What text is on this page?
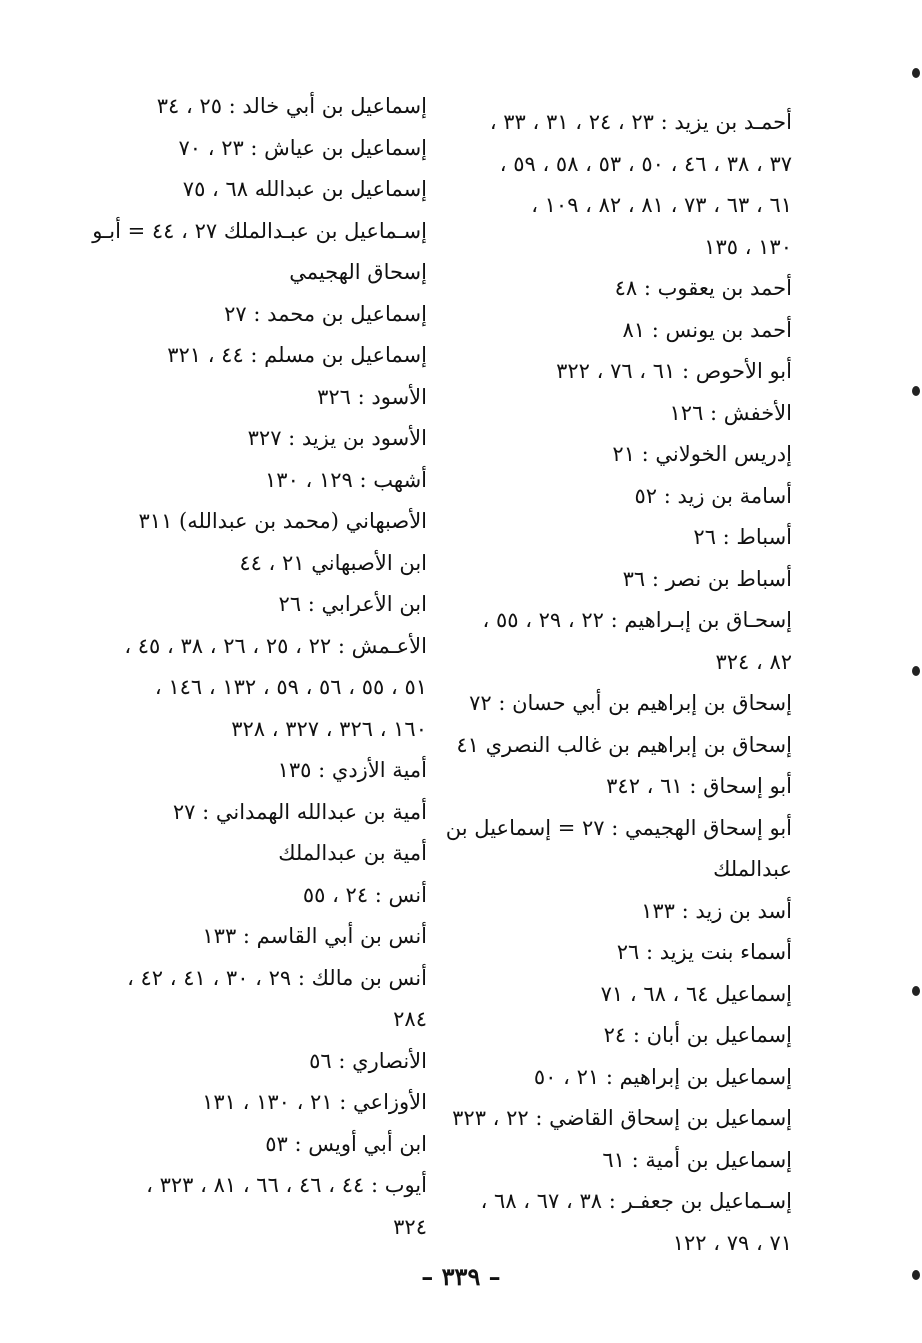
أحمـد بن يزيد : ٢٣ ، ٢٤ ، ٣١ ، ٣٣ ،
٣٧ ، ٣٨ ، ٤٦ ، ٥٠ ، ٥٣ ، ٥٨ ، ٥٩ ،
٦١ ، ٦٣ ، ٧٣ ، ٨١ ، ٨٢ ، ١٠٩ ،
١٣٠ ، ١٣٥
أحمد بن يعقوب : ٤٨
أحمد بن يونس : ٨١
أبو الأحوص : ٦١ ، ٧٦ ، ٣٢٢
الأخفش : ١٢٦
إدريس الخولاني : ٢١
أسامة بن زيد : ٥٢
أسباط : ٢٦
أسباط بن نصر : ٣٦
إسحـاق بن إبـراهيم : ٢٢ ، ٢٩ ، ٥٥ ،
٨٢ ، ٣٢٤
إسحاق بن إبراهيم بن أبي حسان : ٧٢
إسحاق بن إبراهيم بن غالب النصري ٤١
أبو إسحاق : ٦١ ، ٣٤٢
أبو إسحاق الهجيمي : ٢٧ = إسماعيل بن
عبدالملك
أسد بن زيد : ١٣٣
أسماء بنت يزيد : ٢٦
إسماعيل ٦٤ ، ٦٨ ، ٧١
إسماعيل بن أبان : ٢٤
إسماعيل بن إبراهيم : ٢١ ، ٥٠
إسماعيل بن إسحاق القاضي : ٢٢ ، ٣٢٣
إسماعيل بن أمية : ٦١
إسـماعيل بن جعفـر : ٣٨ ، ٦٧ ، ٦٨ ،
٧١ ، ٧٩ ، ١٢٢
إسماعيل بن أبي خالد : ٢٥ ، ٣٤
إسماعيل بن عياش : ٢٣ ، ٧٠
إسماعيل بن عبدالله ٦٨ ، ٧٥
إسـماعيل بن عبـدالملك ٢٧ ، ٤٤ = أبـو
إسحاق الهجيمي
إسماعيل بن محمد : ٢٧
إسماعيل بن مسلم : ٤٤ ، ٣٢١
الأسود : ٣٢٦
الأسود بن يزيد : ٣٢٧
أشهب : ١٢٩ ، ١٣٠
الأصبهاني (محمد بن عبدالله) ٣١١
ابن الأصبهاني ٢١ ، ٤٤
ابن الأعرابي : ٢٦
الأعـمش : ٢٢ ، ٢٥ ، ٢٦ ، ٣٨ ، ٤٥ ،
٥١ ، ٥٥ ، ٥٦ ، ٥٩ ، ١٣٢ ، ١٤٦ ،
١٦٠ ، ٣٢٦ ، ٣٢٧ ، ٣٢٨
أمية الأزدي : ١٣٥
أمية بن عبدالله الهمداني : ٢٧
أمية بن عبدالملك
أنس : ٢٤ ، ٥٥
أنس بن أبي القاسم : ١٣٣
أنس بن مالك : ٢٩ ، ٣٠ ، ٤١ ، ٤٢ ،
٢٨٤
الأنصاري : ٥٦
الأوزاعي : ٢١ ، ١٣٠ ، ١٣١
ابن أبي أويس : ٥٣
أيوب : ٤٤ ، ٤٦ ، ٦٦ ، ٨١ ، ٣٢٣ ،
٣٢٤
– ٣٣٩ –
